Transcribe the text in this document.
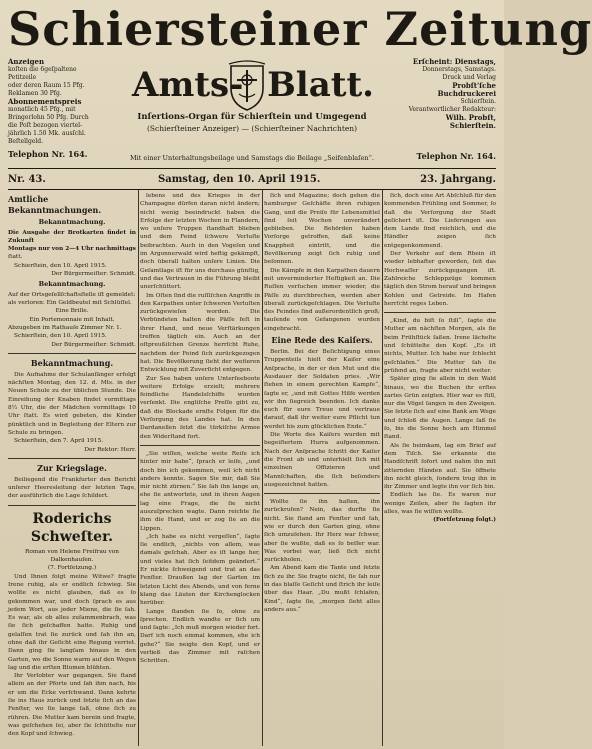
Schiersteiner Zeitung
Anzeigen
koſten die 6geſpaltene Petitzeile
oder deren Raum 15 Pfg.
Reklamen 30 Pfg.
Abonnementspreis
monatlich 45 Pfg., mit
Bringerlohn 50 Pfg. Durch
die Poſt bezogen viertel-
jährlich 1.50 Mk. ausſchl.
Beſtellgeld.
Telephon Nr. 164.
Erſcheint: Dienstags,
Donnerstags, Samstags.
Druck und Verlag
Probſt'ſche Buchdruckerei
Schierſtein.
Verantwortlicher Redakteur:
Wilh. Probſt, Schierſtein.
Telephon Nr. 164.
Amts- Blatt.
Inſertions-Organ für Schierſtein und Umgegend
(Schierſteiner Anzeiger) — (Schierſteiner Nachrichten)
Mit einer Unterhaltungsbeilage und Samstags die Beilage „Seifenblaſen“.
Nr. 43.	Samstag, den 10. April 1915.	23. Jahrgang.
Amtliche Bekanntmachungen.
Bekanntmachung.
Die Ausgabe der Brotkarten findet in Zukunft
Montags nur von 2—4 Uhr nachmittags
ſtatt.
Schierſtein, den 10. April 1915.
Der Bürgermeiſter: Schmidt.
Bekanntmachung.
Auf der Ortsgeſellſchaftsſtelle iſt gemeldet:
als verloren: Ein Geldbeutel mit Schlüſſel.
Eine Brille.
Ein Portemonnaie mit Inhalt.
Abzugeben im Rathauſe Zimmer Nr. 1.
Schierſtein, den 10. April 1915.
Der Bürgermeiſter: Schmidt.
Bekanntmachung.
Die Aufnahme der Schulanfänger erfolgt nächſten Montag, den 12. d. Mts. in der Neuen Schule zu der üblichen Stunde. Die Einreihung der Knaben findet vormittags 8½ Uhr, die der Mädchen vormittags 10 Uhr ſtatt. Es wird gebeten, die Kinder pünktlich und in Begleitung der Eltern zur Schule zu bringen.
Schierſtein, den 7. April 1915.
Der Rektor: Herr.
Zur Kriegslage.
Beiliegend die Frankfurter den Bericht unſerer Heeresleitung der letzten Tage, der ausführlich die Lage ſchildert.
Roderichs Schweſter.
Roman von Helene Freifrau von Dalkenhauſen.
(7. Fortſetzung.)
Und Ihnen folgt meine Witwe? fragte Irene ruhig, als er endlich ſchwieg. Sie wollte es nicht glauben, daß es ſo gekommen war, und doch ſprach es aus jedem Wort, aus jeder Miene, die ſie ſah. Es war, als ob alles zuſammenbrach, was ſie ſich geſchaffen hatte. Ruhig und gelaſſen trat ſie zurück und ſah ihn an, ohne daß ihr Geſicht eine Regung verriet. Dann ging ſie langſam hinaus in den Garten, wo die Sonne warm auf den Wegen lag und die erſten Blumen blühten.
Ihr Verlobter war gegangen. Sie ſtand allein an der Pforte und ſah ihm nach, bis er um die Ecke verſchwand. Dann kehrte ſie ins Haus zurück und ſetzte ſich an das Fenſter, wo ſie lange ſaß, ohne ſich zu rühren. Die Mutter kam herein und fragte, was geſchehen ſei, aber ſie ſchüttelte nur den Kopf und ſchwieg.
lebens und des Krieges in der Champagne dürfen daran nicht ändern; nicht wenig beeindruckt haben die Erfolge der letzten Wochen in Flandern, wo unſere Truppen ſtandhaft blieben und dem Feind ſchwere Verluſte beibrachten. Auch in den Vogeſen und im Argonnerwald wird heftig gekämpft, doch überall halten unſere Linien. Die Geſamtlage iſt für uns durchaus günſtig, und das Vertrauen in die Führung bleibt unerſchüttert.
Im Oſten ſind die ruſſiſchen Angriffe in den Karpathen unter ſchweren Verluſten zurückgewieſen worden. Die Verbündeten halten die Päſſe feſt in ihrer Hand, und neue Verſtärkungen treffen täglich ein. Auch an der oſtpreußiſchen Grenze herrſcht Ruhe, nachdem der Feind ſich zurückgezogen hat. Die Bevölkerung ſieht der weiteren Entwicklung mit Zuverſicht entgegen.
Zur See haben unſere Unterſeeboote weitere Erfolge erzielt; mehrere feindliche Handelsſchiffe wurden verſenkt. Die engliſche Preſſe gibt zu, daß die Blockade ernſte Folgen für die Verſorgung des Landes hat. In den Dardanellen ſetzt die türkiſche Armee den Widerſtand fort.
„Sie wiſſen, welche weite Reiſe ich hinter mir habe“, ſprach er leiſe, „und doch bin ich gekommen, weil ich nicht anders konnte. Sagen Sie mir, daß Sie mir nicht zürnen.“ Sie ſah ihn lange an, ehe ſie antwortete, und in ihren Augen lag eine Frage, die ſie nicht auszuſprechen wagte. Dann reichte ſie ihm die Hand, und er zog ſie an die Lippen.
„Ich habe es nicht vergeſſen“, ſagte ſie endlich, „nichts von allem, was damals geſchah. Aber es iſt lange her, und vieles hat ſich ſeitdem geändert.“ Er nickte ſchweigend und trat an das Fenſter. Draußen lag der Garten im letzten Licht des Abends, und von ferne klang das Läuten der Kirchenglocken herüber.
Lange ſtanden ſie ſo, ohne zu ſprechen. Endlich wandte er ſich um und ſagte: „Ich muß morgen wieder fort. Darf ich noch einmal kommen, ehe ich gehe?“ Sie neigte den Kopf, und er verließ das Zimmer mit raſchen Schritten.
ſich und Magazine; doch gehen die hamburger Geſchäfte ihren ruhigen Gang, und die Preiſe für Lebensmittel ſind ſeit Wochen unverändert geblieben. Die Behörden haben Vorſorge getroffen, daß keine Knappheit eintritt, und die Bevölkerung zeigt ſich ruhig und beſonnen.
Die Kämpfe in den Karpathen dauern mit unverminderter Heftigkeit an. Die Ruſſen verſuchen immer wieder, die Päſſe zu durchbrechen, werden aber überall zurückgeſchlagen. Die Verluſte des Feindes ſind außerordentlich groß; tauſende von Gefangenen wurden eingebracht.
Eine Rede des Kaiſers.
Berlin. Bei der Beſichtigung eines Truppenteils hielt der Kaiſer eine Anſprache, in der er den Mut und die Ausdauer der Soldaten pries. „Wir ſtehen in einem gerechten Kampfe“, ſagte er, „und mit Gottes Hilfe werden wir ihn ſiegreich beenden. Ich danke euch für eure Treue und vertraue darauf, daß ihr weiter eure Pflicht tun werdet bis zum glücklichen Ende.“
Die Worte des Kaiſers wurden mit begeiſtertem Hurra aufgenommen. Nach der Anſprache ſchritt der Kaiſer die Front ab und unterhielt ſich mit einzelnen Offizieren und Mannſchaften, die ſich beſonders ausgezeichnet hatten.
Wollte ſie ihn halten, ihn zurückrufen? Nein, das durfte ſie nicht. Sie ſtand am Fenſter und ſah, wie er durch den Garten ging, ohne ſich umzuſehen. Ihr Herz war ſchwer, aber ſie wußte, daß es ſo beſſer war. Was vorbei war, ließ ſich nicht zurückholen.
Am Abend kam die Tante und ſetzte ſich zu ihr. Sie fragte nicht, ſie ſah nur in das blaſſe Geſicht und ſtrich ihr leiſe über das Haar. „Du mußt ſchlafen, Kind“, ſagte ſie, „morgen ſieht alles anders aus.“
ſich, doch eine Art Abſchluß für den kommenden Frühling und Sommer, ſo daß die Verſorgung der Stadt geſichert iſt. Die Lieferungen aus dem Lande ſind reichlich, und die Händler zeigen ſich entgegenkommend.
Der Verkehr auf dem Rhein iſt wieder lebhafter geworden, ſeit das Hochwaſſer zurückgegangen iſt. Zahlreiche Schleppzüge kommen täglich den Strom herauf und bringen Kohlen und Getreide. Im Hafen herrſcht reges Leben.
„Kind, du biſt ſo ſtill“, ſagte die Mutter am nächſten Morgen, als ſie beim Frühſtück ſaßen. Irene lächelte und ſchüttelte den Kopf. „Es iſt nichts, Mutter. Ich habe nur ſchlecht geſchlafen.“ Die Mutter ſah ſie prüfend an, fragte aber nicht weiter.
Später ging ſie allein in den Wald hinaus, wo die Buchen ihr erſtes zartes Grün zeigten. Hier war es ſtill, nur die Vögel ſangen in den Zweigen. Sie ſetzte ſich auf eine Bank am Wege und ſchloß die Augen. Lange ſaß ſie ſo, bis die Sonne hoch am Himmel ſtand.
Als ſie heimkam, lag ein Brief auf dem Tiſch. Sie erkannte die Handſchrift ſofort und nahm ihn mit zitternden Händen auf. Sie öffnete ihn nicht gleich, ſondern trug ihn in ihr Zimmer und legte ihn vor ſich hin.
Endlich las ſie. Es waren nur wenige Zeilen, aber ſie ſagten ihr alles, was ſie wiſſen wollte.
(Fortſetzung folgt.)
